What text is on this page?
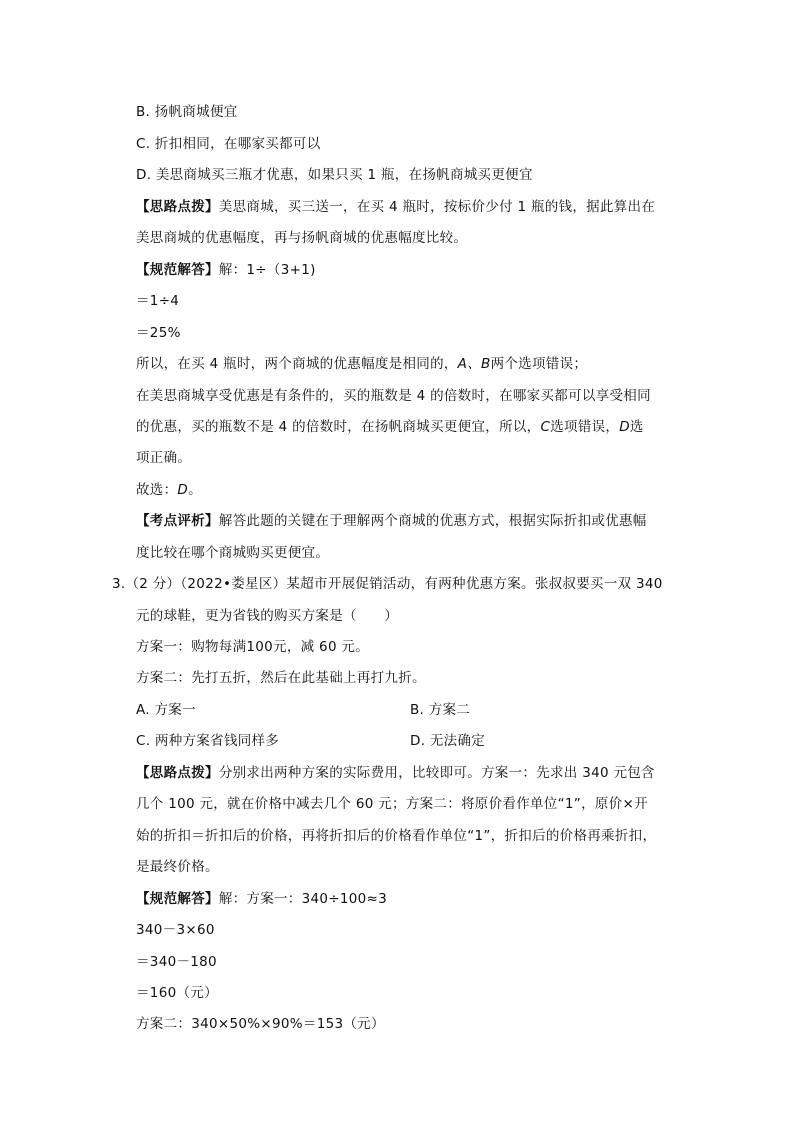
B. 扬帆商城便宜
C. 折扣相同，在哪家买都可以
D. 美思商城买三瓶才优惠，如果只买 1 瓶，在扬帆商城买更便宜
【思路点拨】美思商城，买三送一，在买 4 瓶时，按标价少付 1 瓶的钱，据此算出在
美思商城的优惠幅度，再与扬帆商城的优惠幅度比较。
【规范解答】解：1÷（3+1)
＝1÷4
＝25%
所以，在买 4 瓶时，两个商城的优惠幅度是相同的，A、B两个选项错误；
在美思商城享受优惠是有条件的，买的瓶数是 4 的倍数时，在哪家买都可以享受相同
的优惠，买的瓶数不是 4 的倍数时，在扬帆商城买更便宜，所以，C选项错误，D选
项正确。
故选：D。
【考点评析】解答此题的关键在于理解两个商城的优惠方式，根据实际折扣或优惠幅
度比较在哪个商城购买更便宜。
3.（2 分）（2022•娄星区）某超市开展促销活动，有两种优惠方案。张叔叔要买一双 340
元的球鞋，更为省钱的购买方案是（　　）
方案一：购物每满100元，减 60 元。
方案二：先打五折，然后在此基础上再打九折。
A. 方案一	B. 方案二
C. 两种方案省钱同样多	D. 无法确定
【思路点拨】分别求出两种方案的实际费用，比较即可。方案一：先求出 340 元包含
几个 100 元，就在价格中减去几个 60 元；方案二：将原价看作单位“1”，原价×开
始的折扣＝折扣后的价格，再将折扣后的价格看作单位“1”，折扣后的价格再乘折扣，
是最终价格。
【规范解答】解：方案一：340÷100≈3
340－3×60
＝340－180
＝160（元）
方案二：340×50%×90%＝153（元）
